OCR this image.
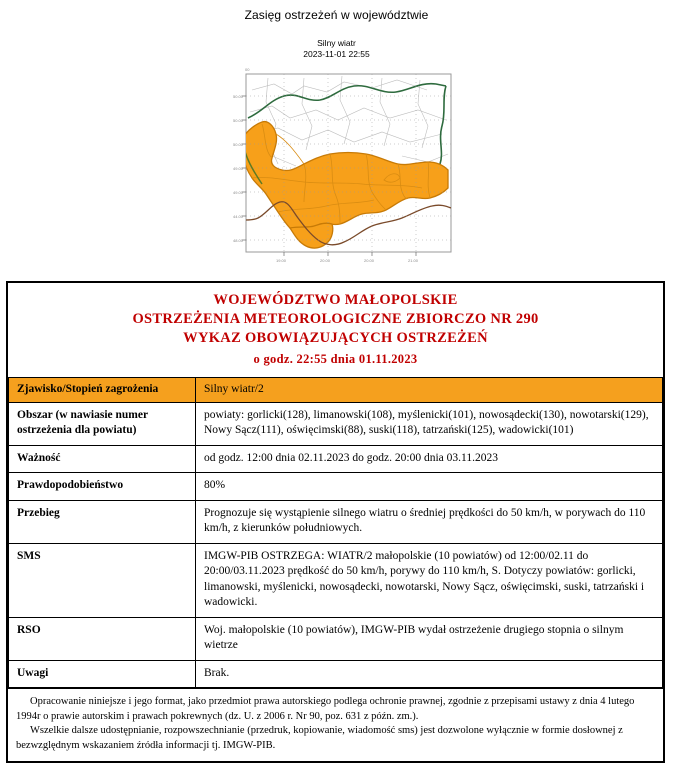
Zasięg ostrzeżeń w województwie
Silny wiatr
2023-11-01 22:55
50.00
50.00
50.00
49.00
49.00
44.00
48.00
19.00	20.00	20.00	21.00
00
WOJEWÓDZTWO MAŁOPOLSKIE
OSTRZEŻENIA METEOROLOGICZNE ZBIORCZO NR 290
WYKAZ OBOWIĄZUJĄCYCH OSTRZEŻEŃ
o godz. 22:55 dnia 01.11.2023
Zjawisko/Stopień zagrożenia	Silny wiatr/2
Obszar (w nawiasie numer ostrzeżenia dla powiatu)	powiaty: gorlicki(128), limanowski(108), myślenicki(101), nowosądecki(130), nowotarski(129), Nowy Sącz(111), oświęcimski(88), suski(118), tatrzański(125), wadowicki(101)
Ważność	od godz. 12:00 dnia 02.11.2023 do godz. 20:00 dnia 03.11.2023
Prawdopodobieństwo	80%
Przebieg	Prognozuje się wystąpienie silnego wiatru o średniej prędkości do 50 km/h, w porywach do 110 km/h, z kierunków południowych.
SMS	IMGW-PIB OSTRZEGA: WIATR/2 małopolskie (10 powiatów) od 12:00/02.11 do 20:00/03.11.2023 prędkość do 50 km/h, porywy do 110 km/h, S. Dotyczy powiatów: gorlicki, limanowski, myślenicki, nowosądecki, nowotarski, Nowy Sącz, oświęcimski, suski, tatrzański i wadowicki.
RSO	Woj. małopolskie (10 powiatów), IMGW-PIB wydał ostrzeżenie drugiego stopnia o silnym wietrze
Uwagi	Brak.

Opracowanie niniejsze i jego format, jako przedmiot prawa autorskiego podlega ochronie prawnej, zgodnie z przepisami ustawy z dnia 4 lutego 1994r o prawie autorskim i prawach pokrewnych (dz. U. z 2006 r. Nr 90, poz. 631 z późn. zm.).

Wszelkie dalsze udostępnianie, rozpowszechnianie (przedruk, kopiowanie, wiadomość sms) jest dozwolone wyłącznie w formie dosłownej z bezwzględnym wskazaniem źródła informacji tj. IMGW-PIB.
